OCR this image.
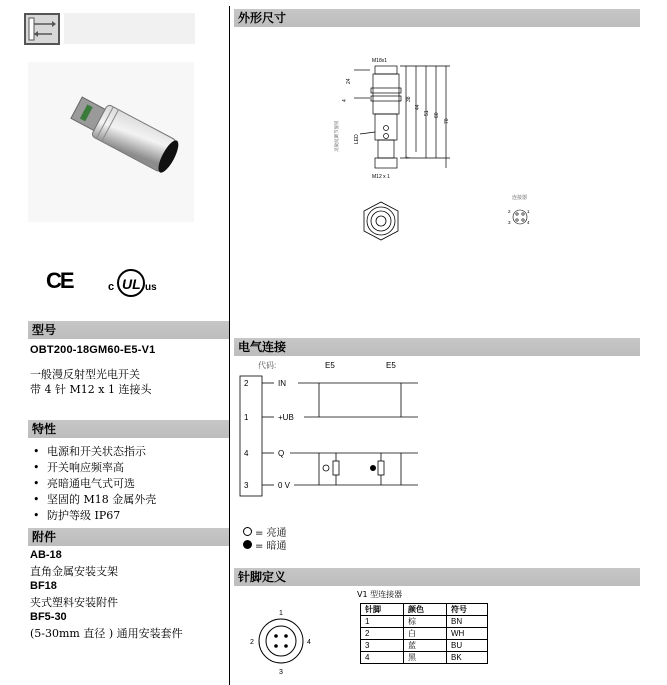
CE	c UL us
型号
OBT200-18GM60-E5-V1
一般漫反射型光电开关
带 4 针 M12 x 1 连接头
特性
• 电源和开关状态指示
• 开关响应频率高
• 亮暗通电气式可选
• 坚固的 M18 金属外壳
• 防护等级 IP67
附件
AB-18
直角金属安装支架
BF18
夹式塑料安装附件
BF5-30
(5-30mm 直径 ) 通用安装套件
外形尺寸
M18x1
M12 x 1
24
4	38
44
51 60
70
7
LED
灵敏度调节旋钮
连接器
1
2
3	4
电气连接
代码:	E5	E5
2	IN
1	+UB
4	Q
3	0 V
= 亮通
= 暗通
针脚定义
1
2	4
3
V1 型连接器
针脚	颜色	符号
1	棕	BN
2	白	WH
3	蓝	BU
4	黑	BK
